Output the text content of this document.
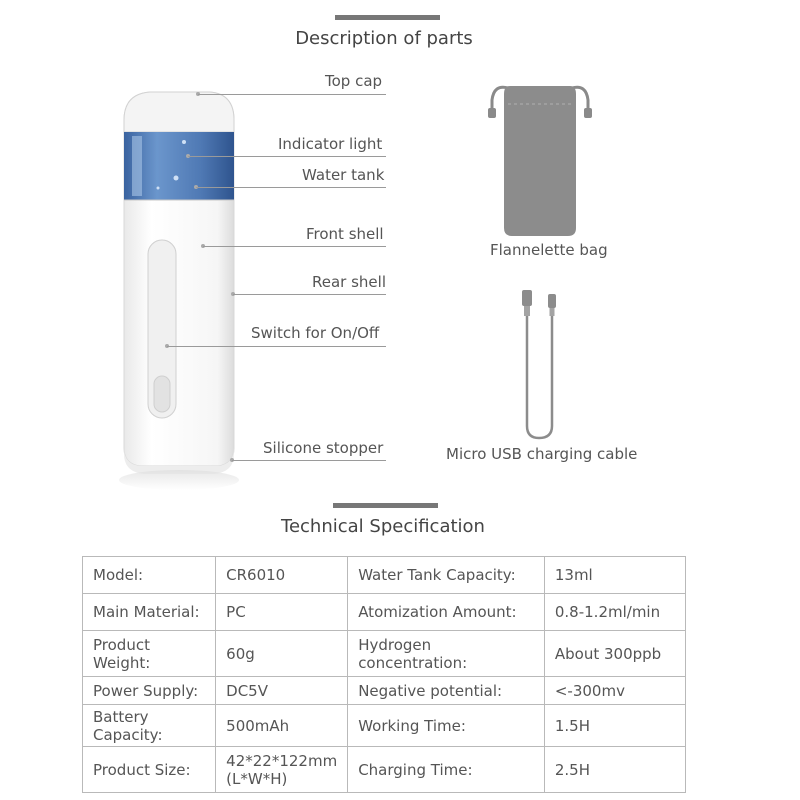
Description of parts
Top cap
Indicator light
Water tank
Front shell
Rear shell
Switch for On/Off
Silicone stopper
Flannelette bag
Micro USB charging cable
Technical Specification
Model:	CR6010	Water Tank Capacity:	13ml
Main Material:	PC	Atomization Amount:	0.8-1.2ml/min
Product Weight:	60g	Hydrogen concentration:	About 300ppb
Power Supply:	DC5V	Negative potential:	<-300mv
Battery Capacity:	500mAh	Working Time:	1.5H
Product Size:	42*22*122mm (L*W*H)	Charging Time:	2.5H
